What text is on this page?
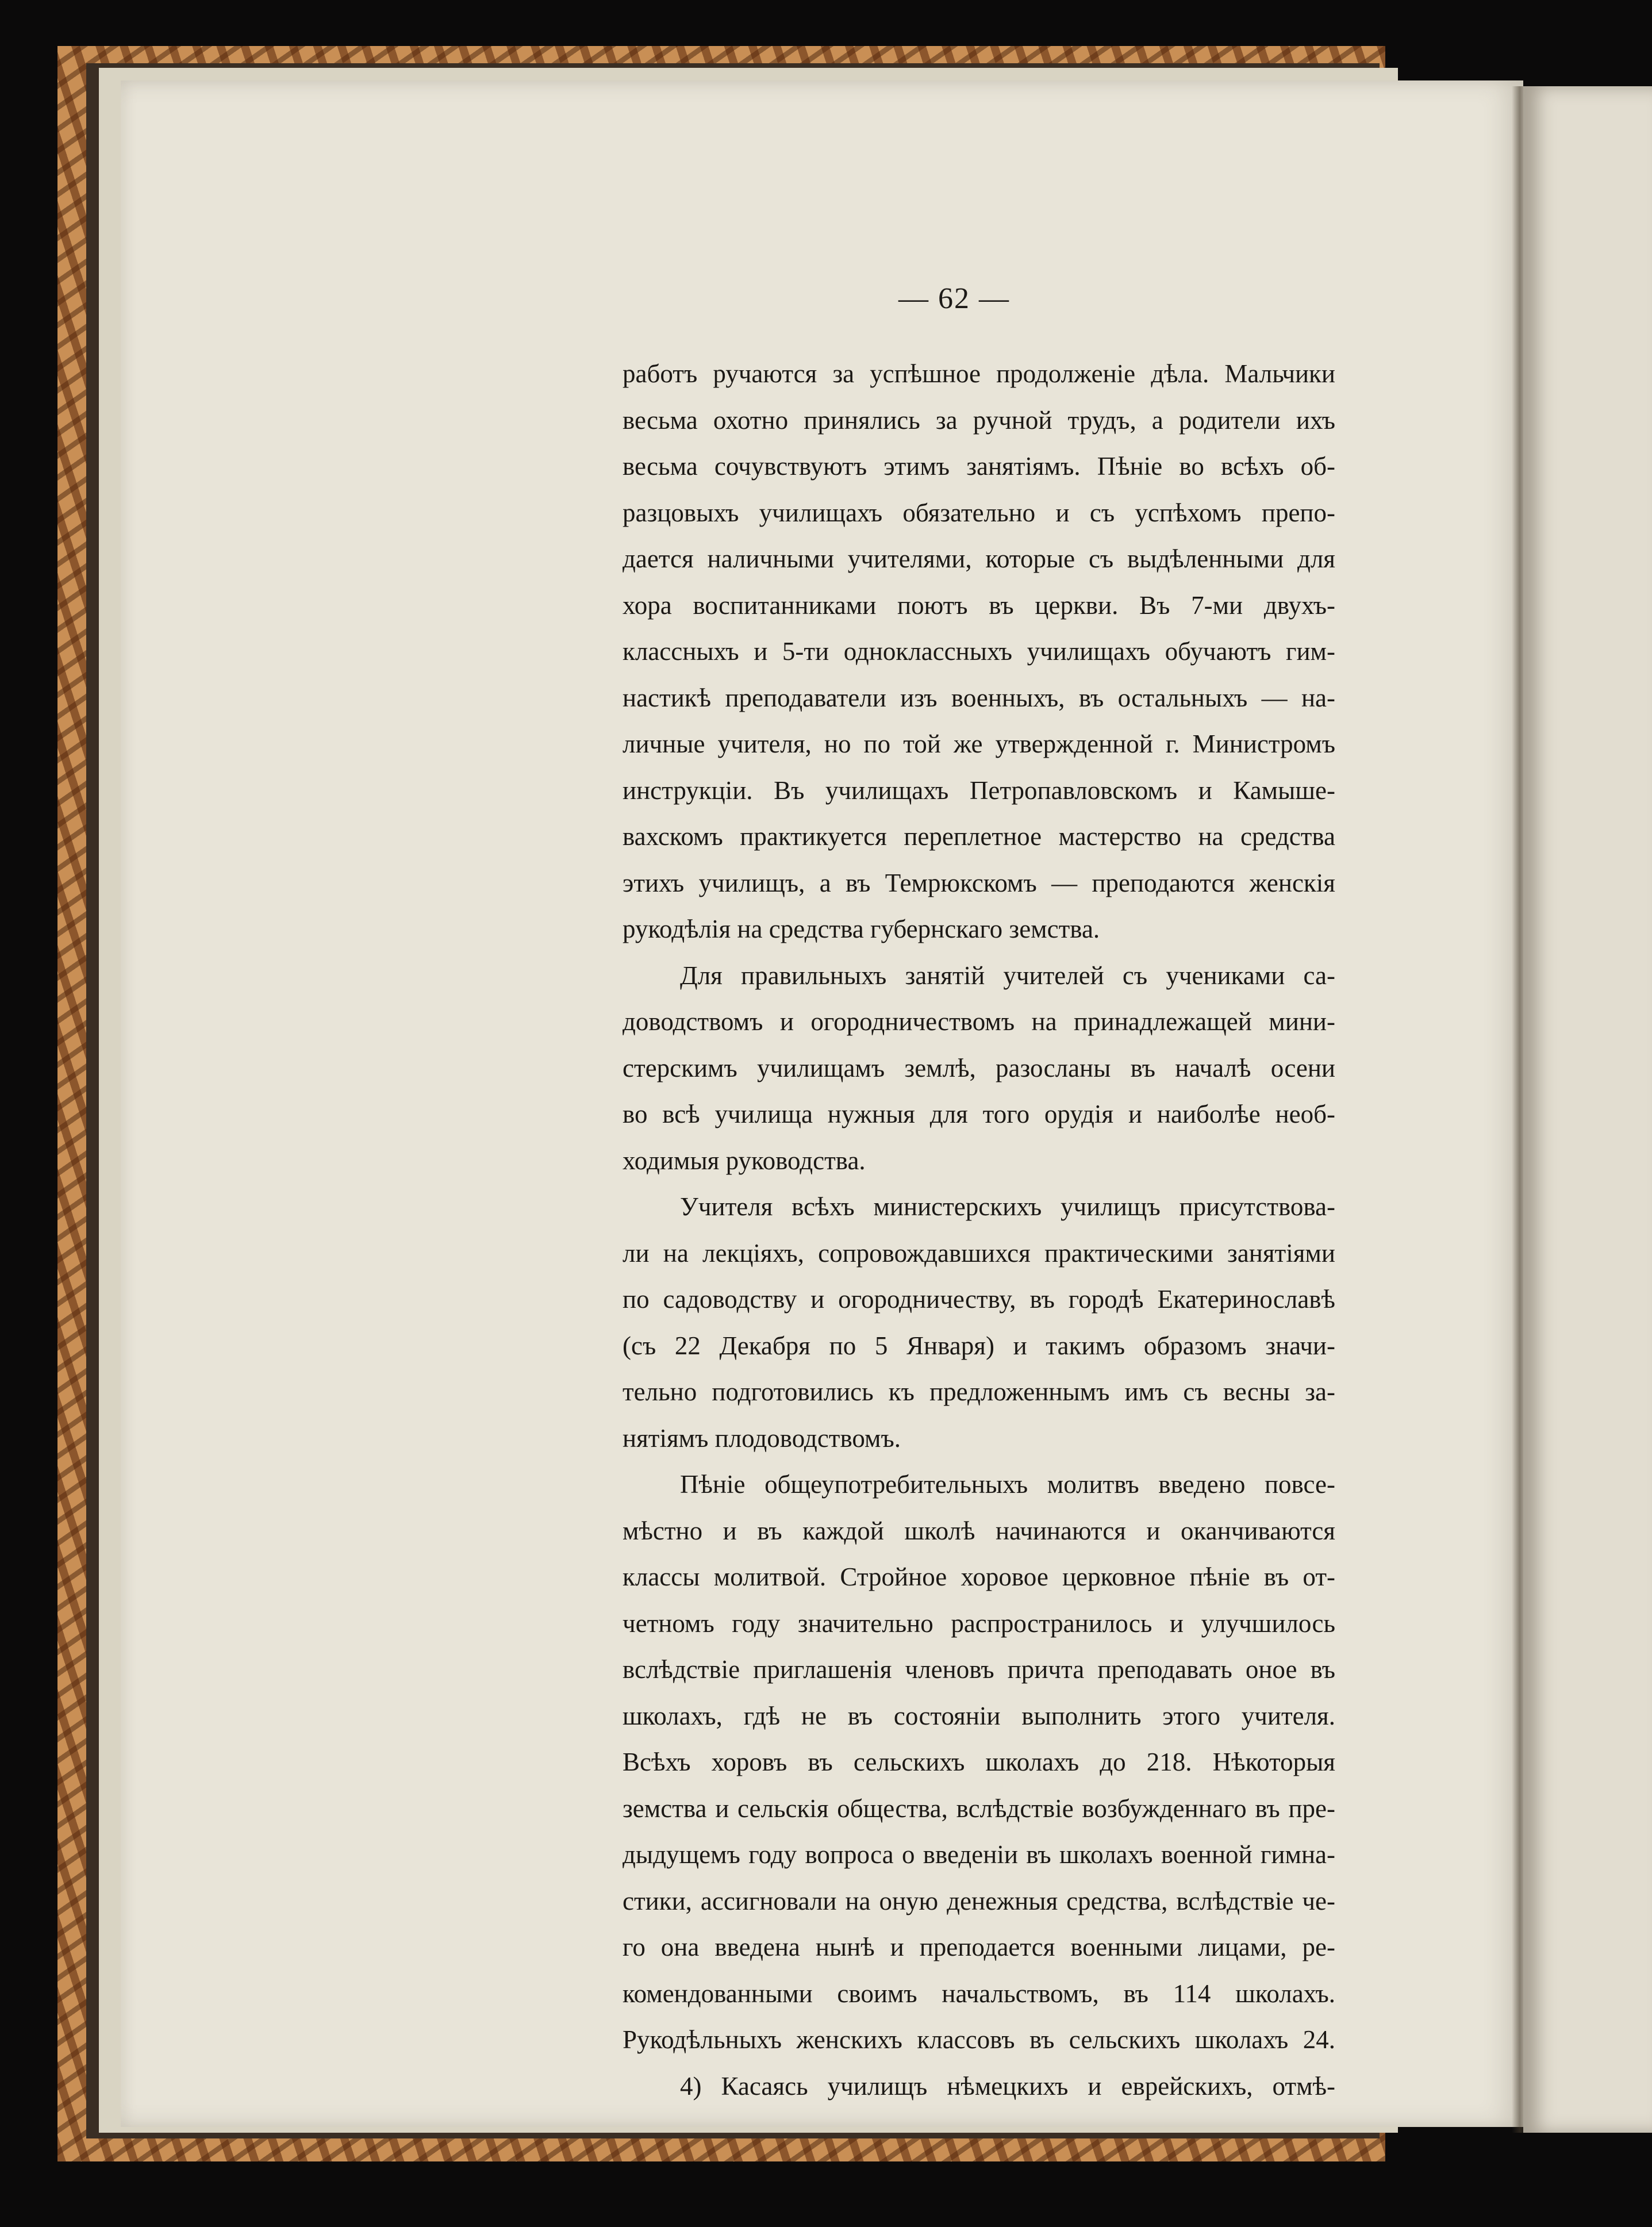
— 62 —
работъ ручаются за успѣшное продолженіе дѣла. Мальчики
весьма охотно принялись за ручной трудъ, а родители ихъ
весьма сочувствуютъ этимъ занятіямъ. Пѣніе во всѣхъ об-
разцовыхъ училищахъ обязательно и съ успѣхомъ препо-
дается наличными учителями, которые съ выдѣленными для
хора воспитанниками поютъ въ церкви. Въ 7-ми двухъ-
классныхъ и 5-ти одноклассныхъ училищахъ обучаютъ гим-
настикѣ преподаватели изъ военныхъ, въ остальныхъ — на-
личные учителя, но по той же утвержденной г. Министромъ
инструкціи. Въ училищахъ Петропавловскомъ и Камыше-
вахскомъ практикуется переплетное мастерство на средства
этихъ училищъ, а въ Темрюкскомъ — преподаются женскія
рукодѣлія на средства губернскаго земства.
Для правильныхъ занятій учителей съ учениками са-
доводствомъ и огородничествомъ на принадлежащей мини-
стерскимъ училищамъ землѣ, разосланы въ началѣ осени
во всѣ училища нужныя для того орудія и наиболѣе необ-
ходимыя руководства.
Учителя всѣхъ министерскихъ училищъ присутствова-
ли на лекціяхъ, сопровождавшихся практическими занятіями
по садоводству и огородничеству, въ городѣ Екатеринославѣ
(съ 22 Декабря по 5 Января) и такимъ образомъ значи-
тельно подготовились къ предложеннымъ имъ съ весны за-
нятіямъ плодоводствомъ.
Пѣніе общеупотребительныхъ молитвъ введено повсе-
мѣстно и въ каждой школѣ начинаются и оканчиваются
классы молитвой. Стройное хоровое церковное пѣніе въ от-
четномъ году значительно распространилось и улучшилось
вслѣдствіе приглашенія членовъ причта преподавать оное въ
школахъ, гдѣ не въ состояніи выполнить этого учителя.
Всѣхъ хоровъ въ сельскихъ школахъ до 218. Нѣкоторыя
земства и сельскія общества, вслѣдствіе возбужденнаго въ пре-
дыдущемъ году вопроса о введеніи въ школахъ военной гимна-
стики, ассигновали на оную денежныя средства, вслѣдствіе че-
го она введена нынѣ и преподается военными лицами, ре-
комендованными своимъ начальствомъ, въ 114 школахъ.
Рукодѣльныхъ женскихъ классовъ въ сельскихъ школахъ 24.
4) Касаясь училищъ нѣмецкихъ и еврейскихъ, отмѣ-
